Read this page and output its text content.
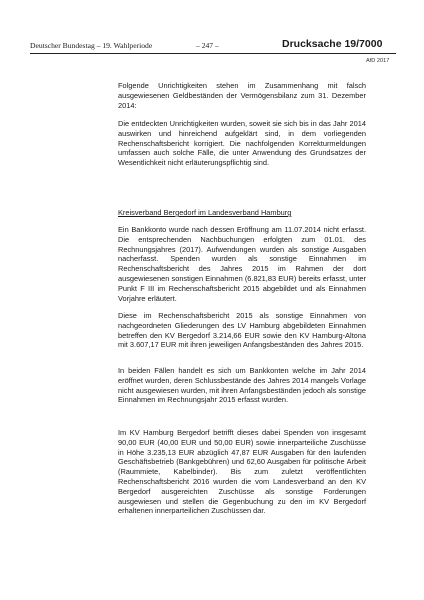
Deutscher Bundestag – 19. Wahlperiode	– 247 –	Drucksache 19/7000
AfD 2017

Folgende Unrichtigkeiten stehen im Zusammenhang mit falsch ausgewiesenen Geldbeständen der Vermögensbilanz zum 31. Dezember 2014:

Die entdeckten Unrichtigkeiten wurden, soweit sie sich bis in das Jahr 2014 auswirken und hinreichend aufgeklärt sind, in dem vorliegenden Rechenschaftsbericht korrigiert. Die nachfolgenden Korrekturmeldungen umfassen auch solche Fälle, die unter Anwendung des Grundsatzes der Wesentlichkeit nicht erläuterungspflichtig sind.

Kreisverband Bergedorf im Landesverband Hamburg

Ein Bankkonto wurde nach dessen Eröffnung am 11.07.2014 nicht erfasst. Die entsprechenden Nachbuchungen erfolgten zum 01.01. des Rechnungsjahres (2017). Aufwendungen wurden als sonstige Ausgaben nacherfasst. Spenden wurden als sonstige Einnahmen im Rechenschaftsbericht des Jahres 2015 im Rahmen der dort ausgewiesenen sonstigen Einnahmen (6.821,83 EUR) bereits erfasst, unter Punkt F III im Rechenschaftsbericht 2015 abgebildet und als Einnahmen Vorjahre erläutert.

Diese im Rechenschaftsbericht 2015 als sonstige Einnahmen von nachgeordneten Gliederungen des LV Hamburg abgebildeten Einnahmen betreffen den KV Bergedorf 3.214,66 EUR sowie den KV Hamburg-Altona mit 3.607,17 EUR mit ihren jeweiligen Anfangsbeständen des Jahres 2015.

In beiden Fällen handelt es sich um Bankkonten welche im Jahr 2014 eröffnet wurden, deren Schlussbestände des Jahres 2014 mangels Vorlage nicht ausgewiesen wurden, mit ihren Anfangsbeständen jedoch als sonstige Einnahmen im Rechnungsjahr 2015 erfasst wurden.

Im KV Hamburg Bergedorf betrifft dieses dabei Spenden von insgesamt 90,00 EUR (40,00 EUR und 50,00 EUR) sowie innerparteiliche Zuschüsse in Höhe 3.235,13 EUR abzüglich 47,87 EUR Ausgaben für den laufenden Geschäftsbetrieb (Bankgebühren) und 62,60 Ausgaben für politische Arbeit (Raummiete, Kabelbinder). Bis zum zuletzt veröffentlichten Rechenschaftsbericht 2016 wurden die vom Landesverband an den KV Bergedorf ausgereichten Zuschüsse als sonstige Forderungen ausgewiesen und stellen die Gegenbuchung zu den im KV Bergedorf erhaltenen innerparteilichen Zuschüssen dar.
